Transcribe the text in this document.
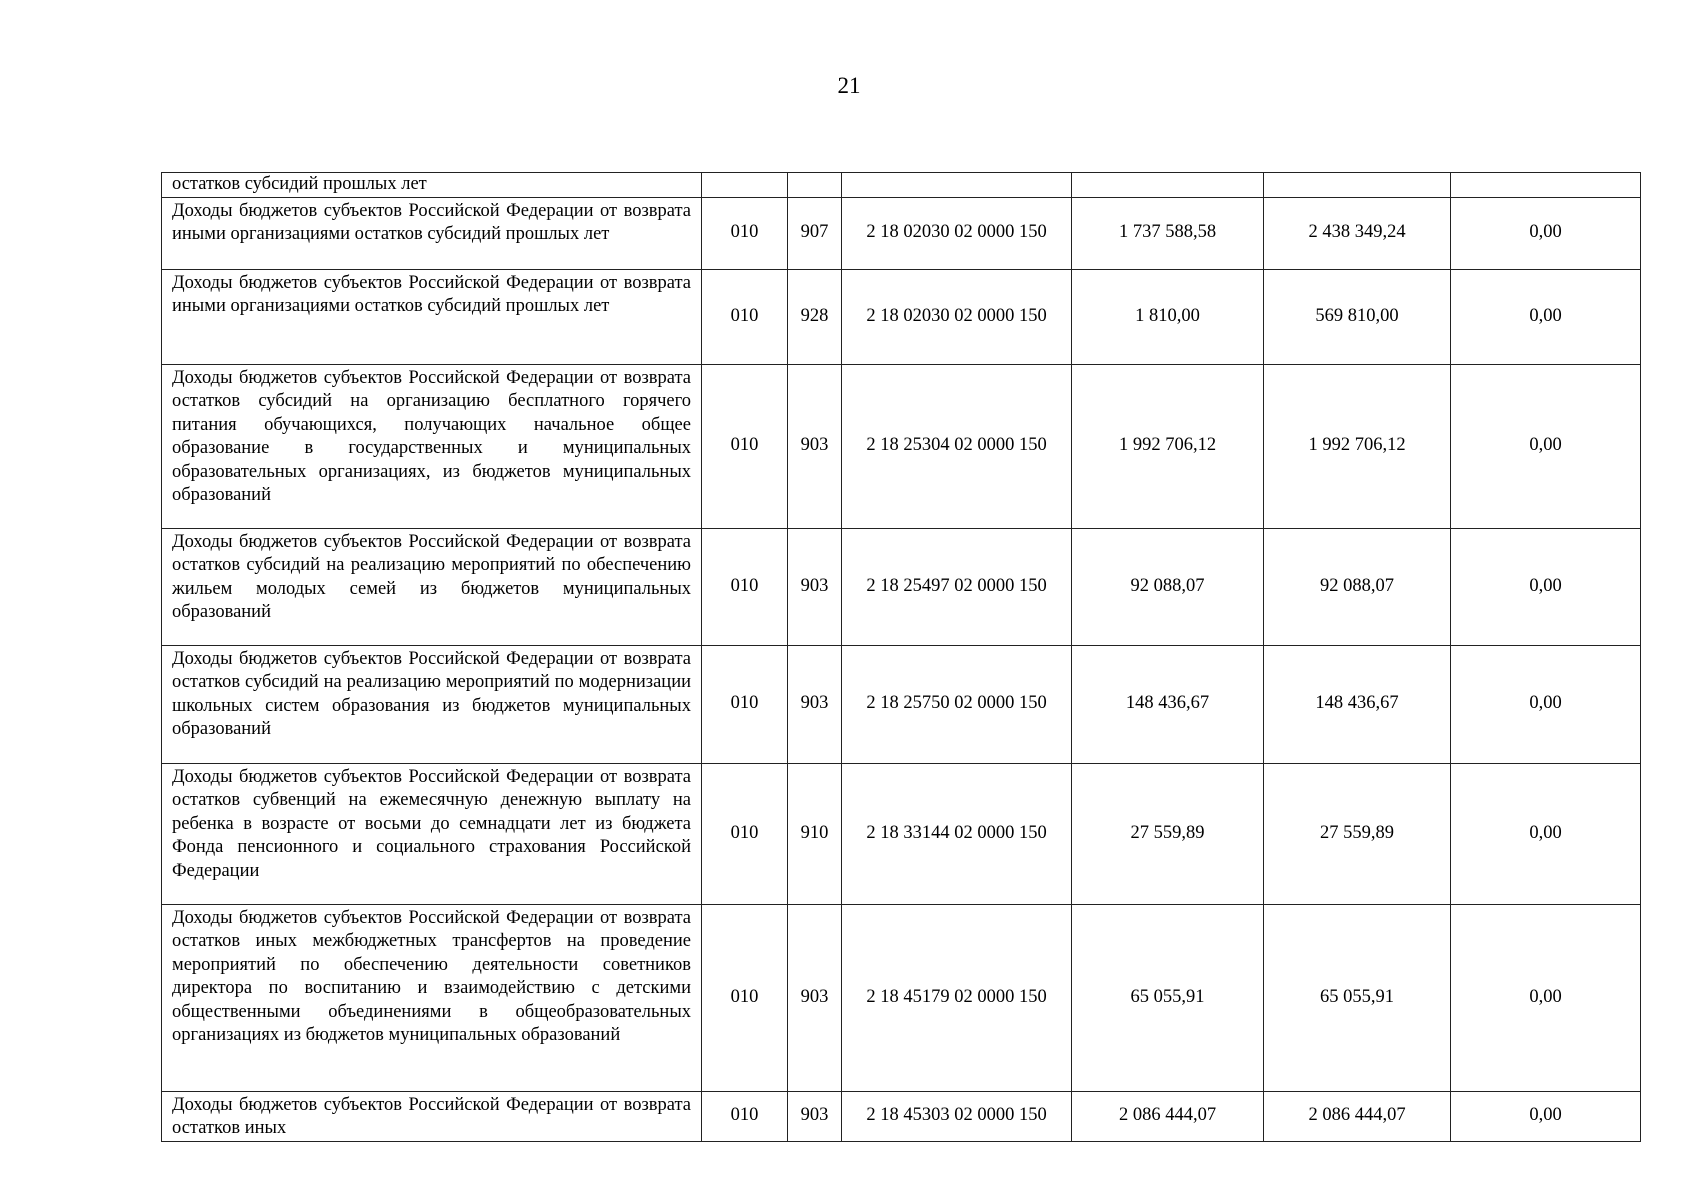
21
остатков субсидий прошлых лет						
Доходы бюджетов субъектов Российской Федерации от возврата иными организациями остатков субсидий прошлых лет	010	907	2 18 02030 02 0000 150	1 737 588,58	2 438 349,24	0,00
Доходы бюджетов субъектов Российской Федерации от возврата иными организациями остатков субсидий прошлых лет	010	928	2 18 02030 02 0000 150	1 810,00	569 810,00	0,00
Доходы бюджетов субъектов Российской Федерации от возврата остатков субсидий на организацию бесплатного горячего питания обучающихся, получающих начальное общее образование в государственных и муниципальных образовательных организациях, из бюджетов муниципальных образований	010	903	2 18 25304 02 0000 150	1 992 706,12	1 992 706,12	0,00
Доходы бюджетов субъектов Российской Федерации от возврата остатков субсидий на реализацию мероприятий по обеспечению жильем молодых семей из бюджетов муниципальных образований	010	903	2 18 25497 02 0000 150	92 088,07	92 088,07	0,00
Доходы бюджетов субъектов Российской Федерации от возврата остатков субсидий на реализацию мероприятий по модернизации школьных систем образования из бюджетов муниципальных образований	010	903	2 18 25750 02 0000 150	148 436,67	148 436,67	0,00
Доходы бюджетов субъектов Российской Федерации от возврата остатков субвенций на ежемесячную денежную выплату на ребенка в возрасте от восьми до семнадцати лет из бюджета Фонда пенсионного и социального страхования Российской Федерации	010	910	2 18 33144 02 0000 150	27 559,89	27 559,89	0,00
Доходы бюджетов субъектов Российской Федерации от возврата остатков иных межбюджетных трансфертов на проведение мероприятий по обеспечению деятельности советников директора по воспитанию и взаимодействию с детскими общественными объединениями в общеобразовательных организациях из бюджетов муниципальных образований	010	903	2 18 45179 02 0000 150	65 055,91	65 055,91	0,00
Доходы бюджетов субъектов Российской Федерации от возврата остатков иных	010	903	2 18 45303 02 0000 150	2 086 444,07	2 086 444,07	0,00
